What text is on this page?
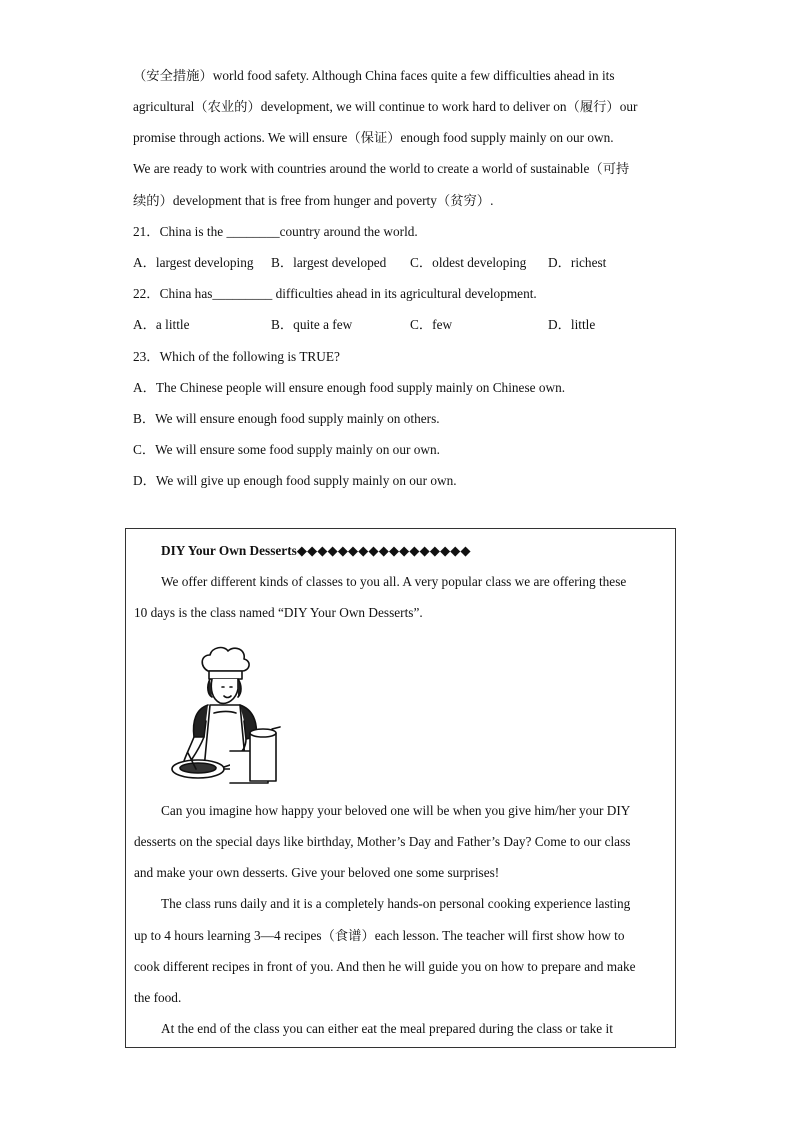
（安全措施）world food safety. Although China faces quite a few difficulties ahead in its
agricultural（农业的）development, we will continue to work hard to deliver on（履行）our
promise through actions. We will ensure（保证）enough food supply mainly on our own.
We are ready to work with countries around the world to create a world of sustainable（可持
续的）development that is free from hunger and poverty（贫穷）.
21．China is the ________country around the world.
A．largest developing B．largest developed C．oldest developing D．richest
22．China has_________ difficulties ahead in its agricultural development.
A．a little	B．quite a few	C．few	D．little
23．Which of the following is TRUE?
A．The Chinese people will ensure enough food supply mainly on Chinese own.
B．We will ensure enough food supply mainly on others.
C．We will ensure some food supply mainly on our own.
D．We will give up enough food supply mainly on our own.
DIY Your Own Desserts◆◆◆◆◆◆◆◆◆◆◆◆◆◆◆◆◆
We offer different kinds of classes to you all. A very popular class we are offering these
10 days is the class named “DIY Your Own Desserts”.
Can you imagine how happy your beloved one will be when you give him/her your DIY
desserts on the special days like birthday, Mother’s Day and Father’s Day? Come to our class
and make your own desserts. Give your beloved one some surprises!
The class runs daily and it is a completely hands-on personal cooking experience lasting
up to 4 hours learning 3—4 recipes（食谱）each lesson. The teacher will first show how to
cook different recipes in front of you. And then he will guide you on how to prepare and make
the food.
At the end of the class you can either eat the meal prepared during the class or take it
